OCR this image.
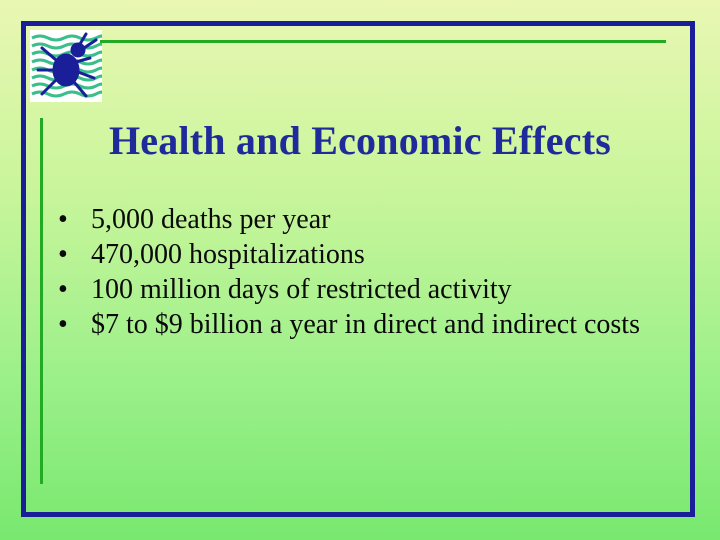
Health and Economic Effects
• 5,000 deaths per year
• 470,000 hospitalizations
• 100 million days of restricted activity
• $7 to $9 billion a year in direct and indirect costs
